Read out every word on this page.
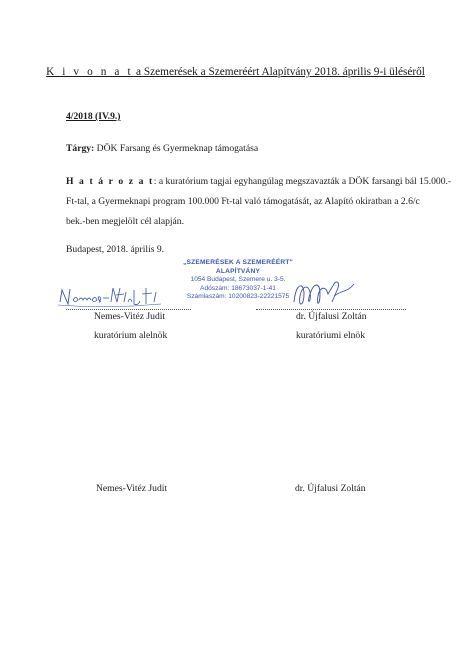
K i v o n a t a Szemerések a Szemeréért Alapítvány 2018. április 9-i üléséről
4/2018 (IV.9.)
Tárgy: DÖK Farsang és Gyermeknap támogatása
H a t á r o z a t: a kuratórium tagjai egyhangúlag megszavazták a DÖK farsangi bál 15.000.-
Ft-tal, a Gyermeknapi program 100.000 Ft-tal való támogatását, az Alapító okiratban a 2.6/c
bek.-ben megjelölt cél alapján.
Budapest, 2018. április 9.
„SZEMERÉSEK A SZEMERÉÉRT"
ALAPÍTVÁNY
1054 Budapest, Szemere u. 3-5.
Adószám: 18673037-1-41
Számlaszám: 10200823-22221575
Nemes-Vitéz Judit
kuratórium alelnök
dr. Újfalusi Zoltán
kuratóriumi elnök
Nemes-Vitéz Judit	dr. Újfalusi Zoltán
